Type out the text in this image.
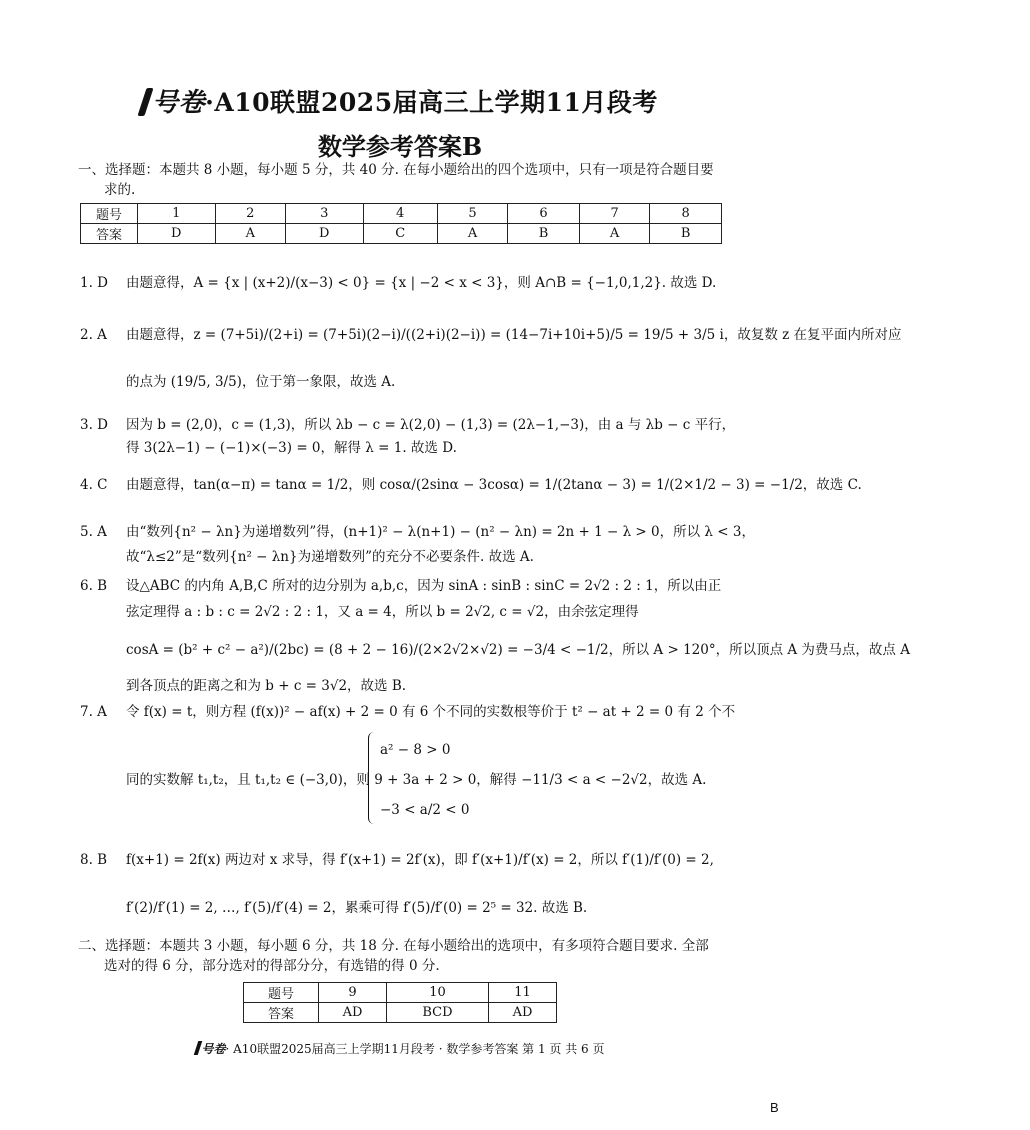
号卷·A10联盟2025届高三上学期11月段考
数学参考答案B
一、选择题：本题共 8 小题，每小题 5 分，共 40 分. 在每小题给出的四个选项中，只有一项是符合题目要
求的.
题号	1	2	3	4	5	6	7	8
答案	D	A	D	C	A	B	A	B
1. D 由题意得，A = {x | (x+2)/(x−3) < 0} = {x | −2 < x < 3}，则 A∩B = {−1,0,1,2}. 故选 D.
2. A 由题意得，z = (7+5i)/(2+i) = (7+5i)(2−i)/((2+i)(2−i)) = (14−7i+10i+5)/5 = 19/5 + 3/5 i，故复数 z 在复平面内所对应
的点为 (19/5, 3/5)，位于第一象限，故选 A.
3. D 因为 b = (2,0)，c = (1,3)，所以 λb − c = λ(2,0) − (1,3) = (2λ−1,−3)，由 a 与 λb − c 平行，
得 3(2λ−1) − (−1)×(−3) = 0，解得 λ = 1. 故选 D.
4. C 由题意得，tan(α−π) = tanα = 1/2，则 cosα/(2sinα − 3cosα) = 1/(2tanα − 3) = 1/(2×1/2 − 3) = −1/2，故选 C.
5. A 由“数列{n² − λn}为递增数列”得，(n+1)² − λ(n+1) − (n² − λn) = 2n + 1 − λ > 0，所以 λ < 3，
故“λ≤2”是“数列{n² − λn}为递增数列”的充分不必要条件. 故选 A.
6. B 设△ABC 的内角 A,B,C 所对的边分别为 a,b,c，因为 sinA : sinB : sinC = 2√2 : 2 : 1，所以由正
弦定理得 a : b : c = 2√2 : 2 : 1，又 a = 4，所以 b = 2√2, c = √2，由余弦定理得
cosA = (b² + c² − a²)/(2bc) = (8 + 2 − 16)/(2×2√2×√2) = −3/4 < −1/2，所以 A > 120°，所以顶点 A 为费马点，故点 A
到各顶点的距离之和为 b + c = 3√2，故选 B.
7. A 令 f(x) = t，则方程 (f(x))² − af(x) + 2 = 0 有 6 个不同的实数根等价于 t² − at + 2 = 0 有 2 个不
a² − 8 > 0
同的实数解 t₁,t₂，且 t₁,t₂ ∈ (−3,0)，则 9 + 3a + 2 > 0，解得 −11/3 < a < −2√2，故选 A.
−3 < a/2 < 0
8. B f(x+1) = 2f(x) 两边对 x 求导，得 f′(x+1) = 2f′(x)，即 f′(x+1)/f′(x) = 2，所以 f′(1)/f′(0) = 2,
f′(2)/f′(1) = 2, …, f′(5)/f′(4) = 2，累乘可得 f′(5)/f′(0) = 2⁵ = 32. 故选 B.
二、选择题：本题共 3 小题，每小题 6 分，共 18 分. 在每小题给出的选项中，有多项符合题目要求. 全部
选对的得 6 分，部分选对的得部分分，有选错的得 0 分.
题号	9	10	11
答案	AD	BCD	AD
号卷· A10联盟2025届高三上学期11月段考 · 数学参考答案 第 1 页 共 6 页
B
